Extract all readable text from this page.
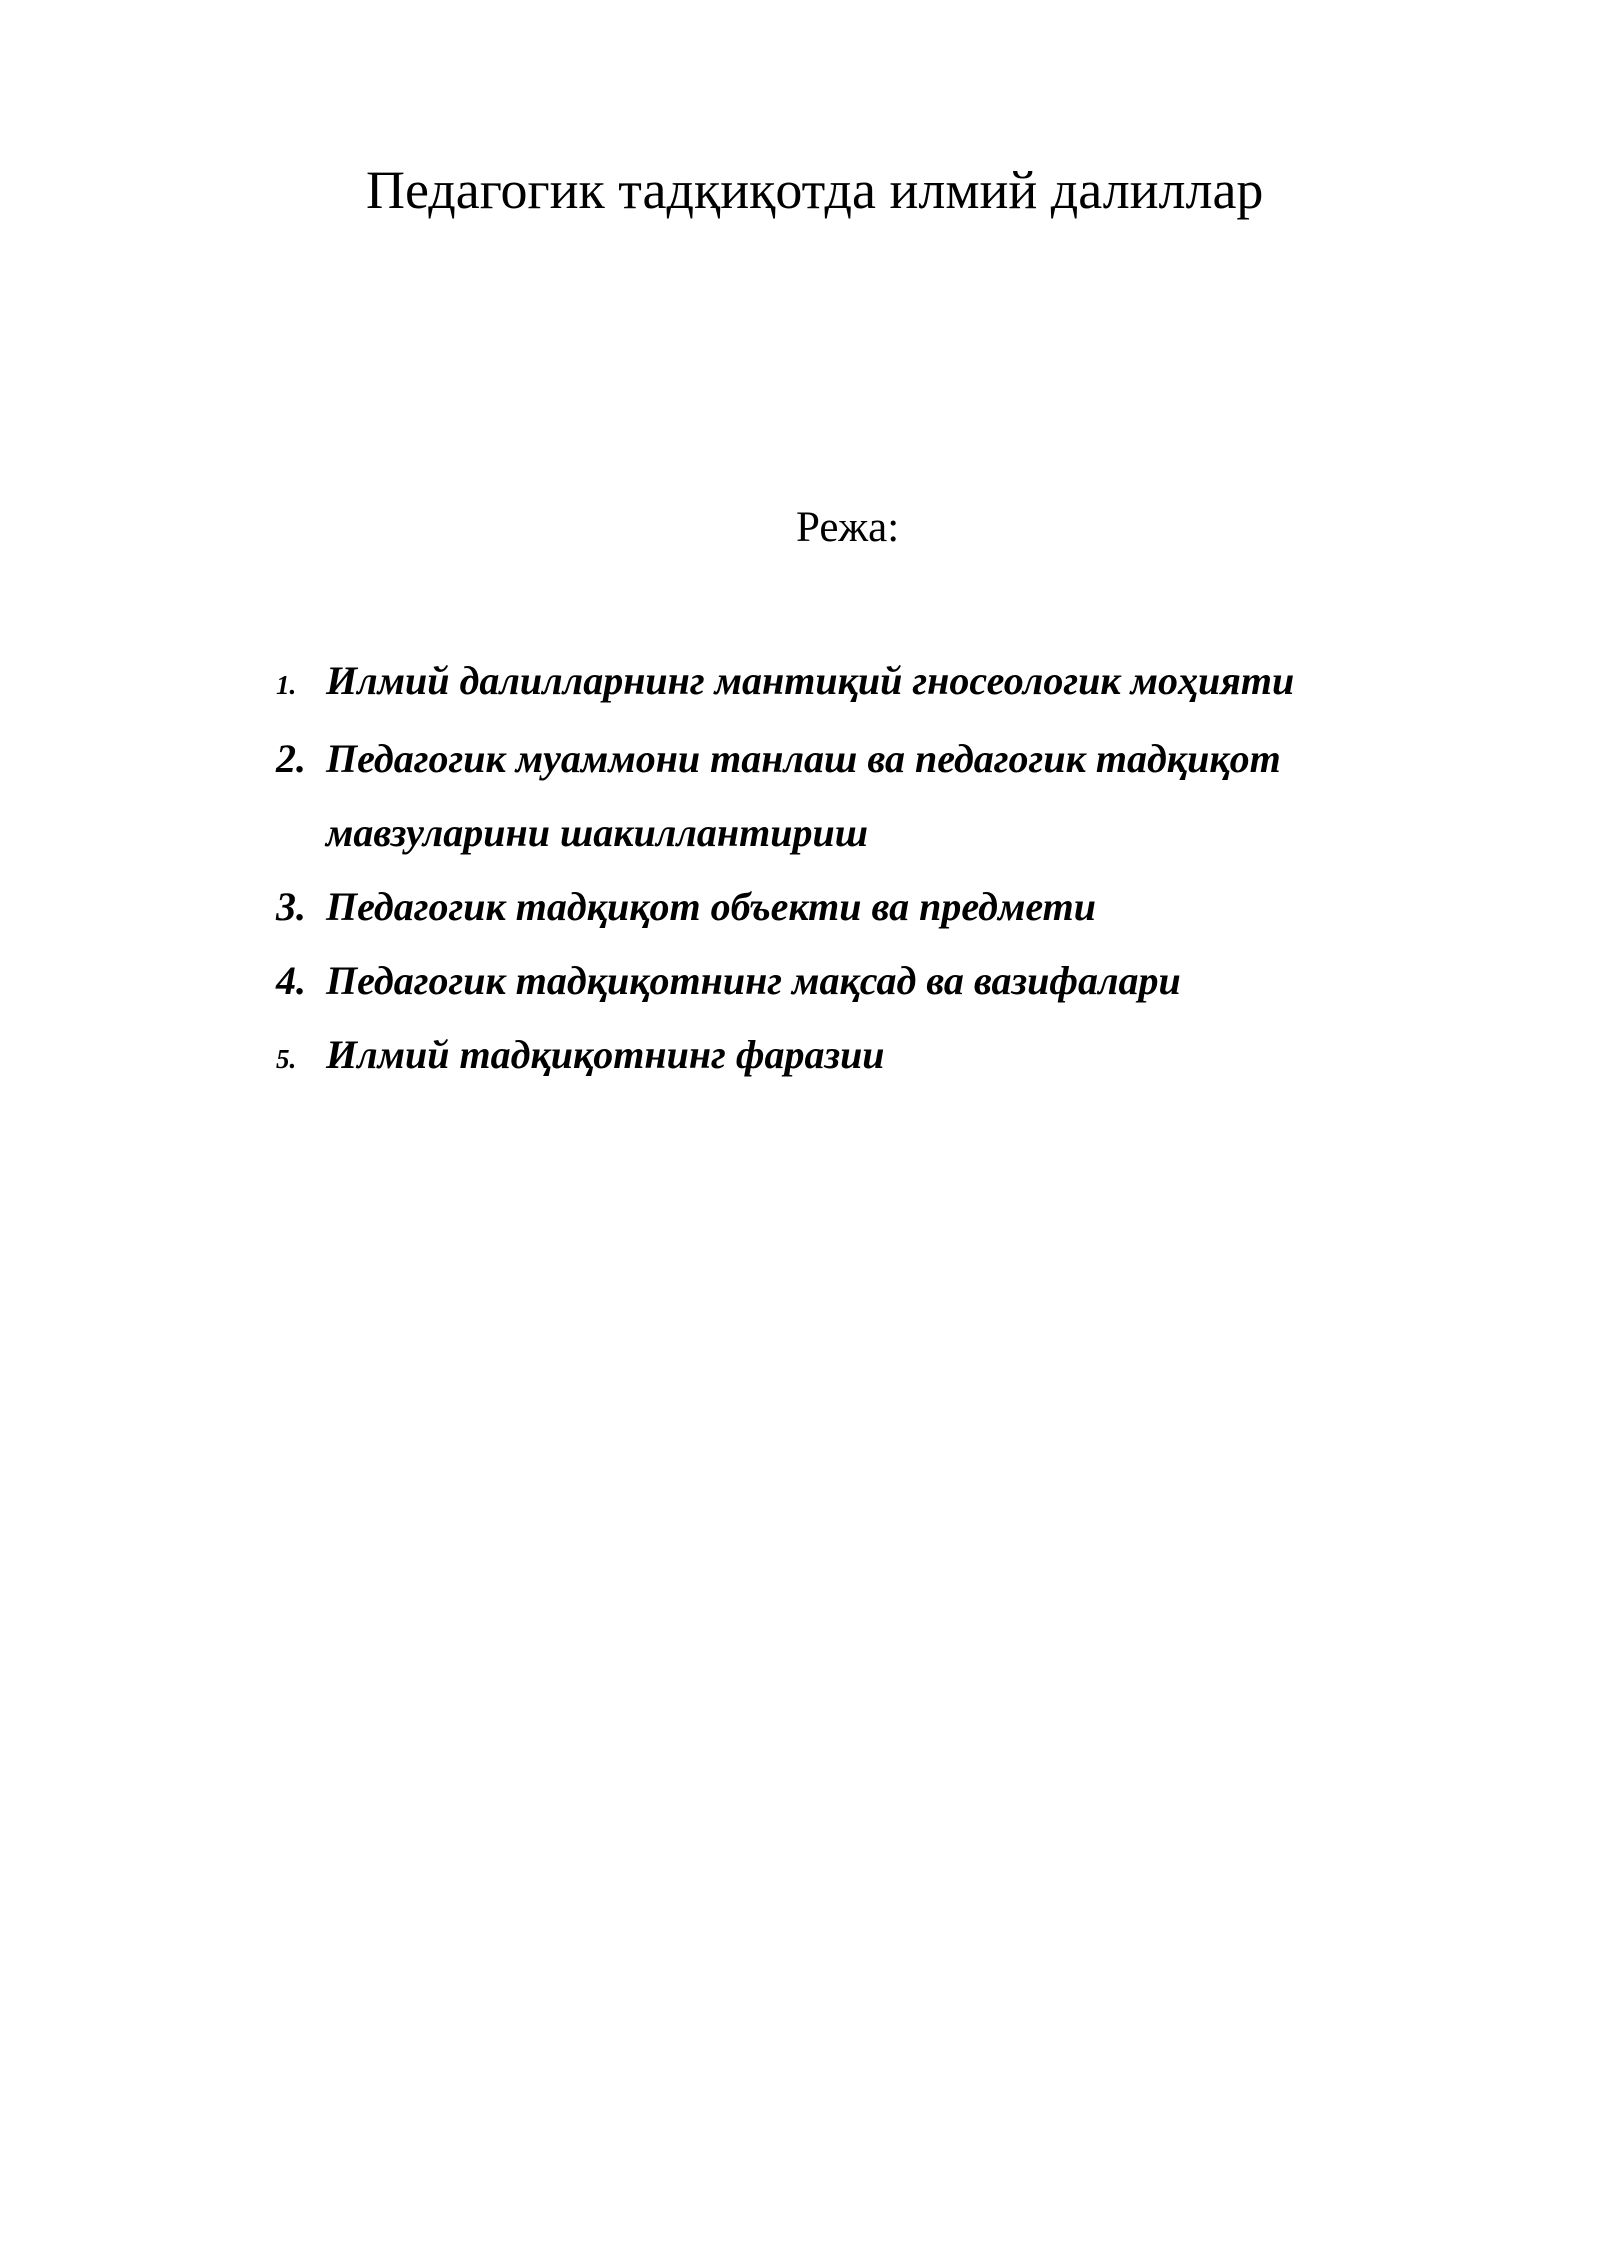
Педагогик тадқиқотда илмий далиллар
Режа:
1. Илмий далилларнинг мантиқий гносеологик моҳияти
2. Педагогик муаммони танлаш ва педагогик тадқиқот мавзуларини шакиллантириш
3. Педагогик тадқиқот объекти ва предмети
4. Педагогик тадқиқотнинг мақсад ва вазифалари
5. Илмий тадқиқотнинг фаразии
